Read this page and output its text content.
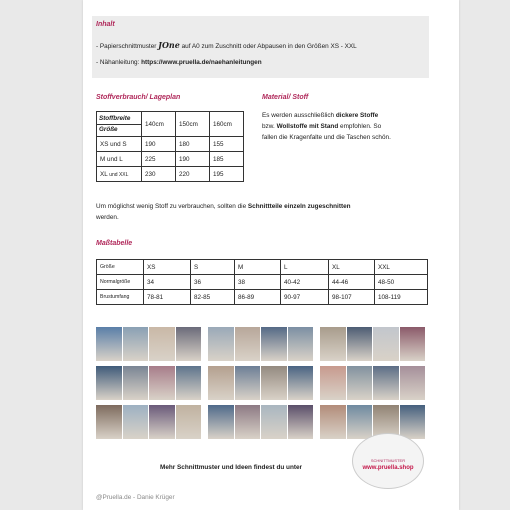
Inhalt
- Papierschnittmuster JOne auf A0 zum Zuschnitt oder Abpausen in den Größen XS - XXL
- Nähanleitung: https://www.pruella.de/naehanleitungen
Stoffverbrauch/ Lageplan
Stoffbreite
Größe	140cm	150cm	160cm
XS und S	190	180	155
M und L	225	190	185
XL und XXL	230	220	195
Material/ Stoff
Es werden ausschließlich dickere Stoffe
bzw. Wollstoffe mit Stand empfohlen. So
fallen die Kragenfalte und die Taschen schön.
Um möglichst wenig Stoff zu verbrauchen, sollten die Schnittteile einzeln zugeschnitten
werden.
Maßtabelle
Größe	XS	S	M	L	XL	XXL
Normalgröße	34	36	38	40-42	44-46	48-50
Brustumfang	78-81	82-85	86-89	90-97	98-107	108-119
Mehr Schnittmuster und Ideen findest du unter
SCHNITTMUSTER
www.pruella.shop
@Pruella.de - Danie Krüger
